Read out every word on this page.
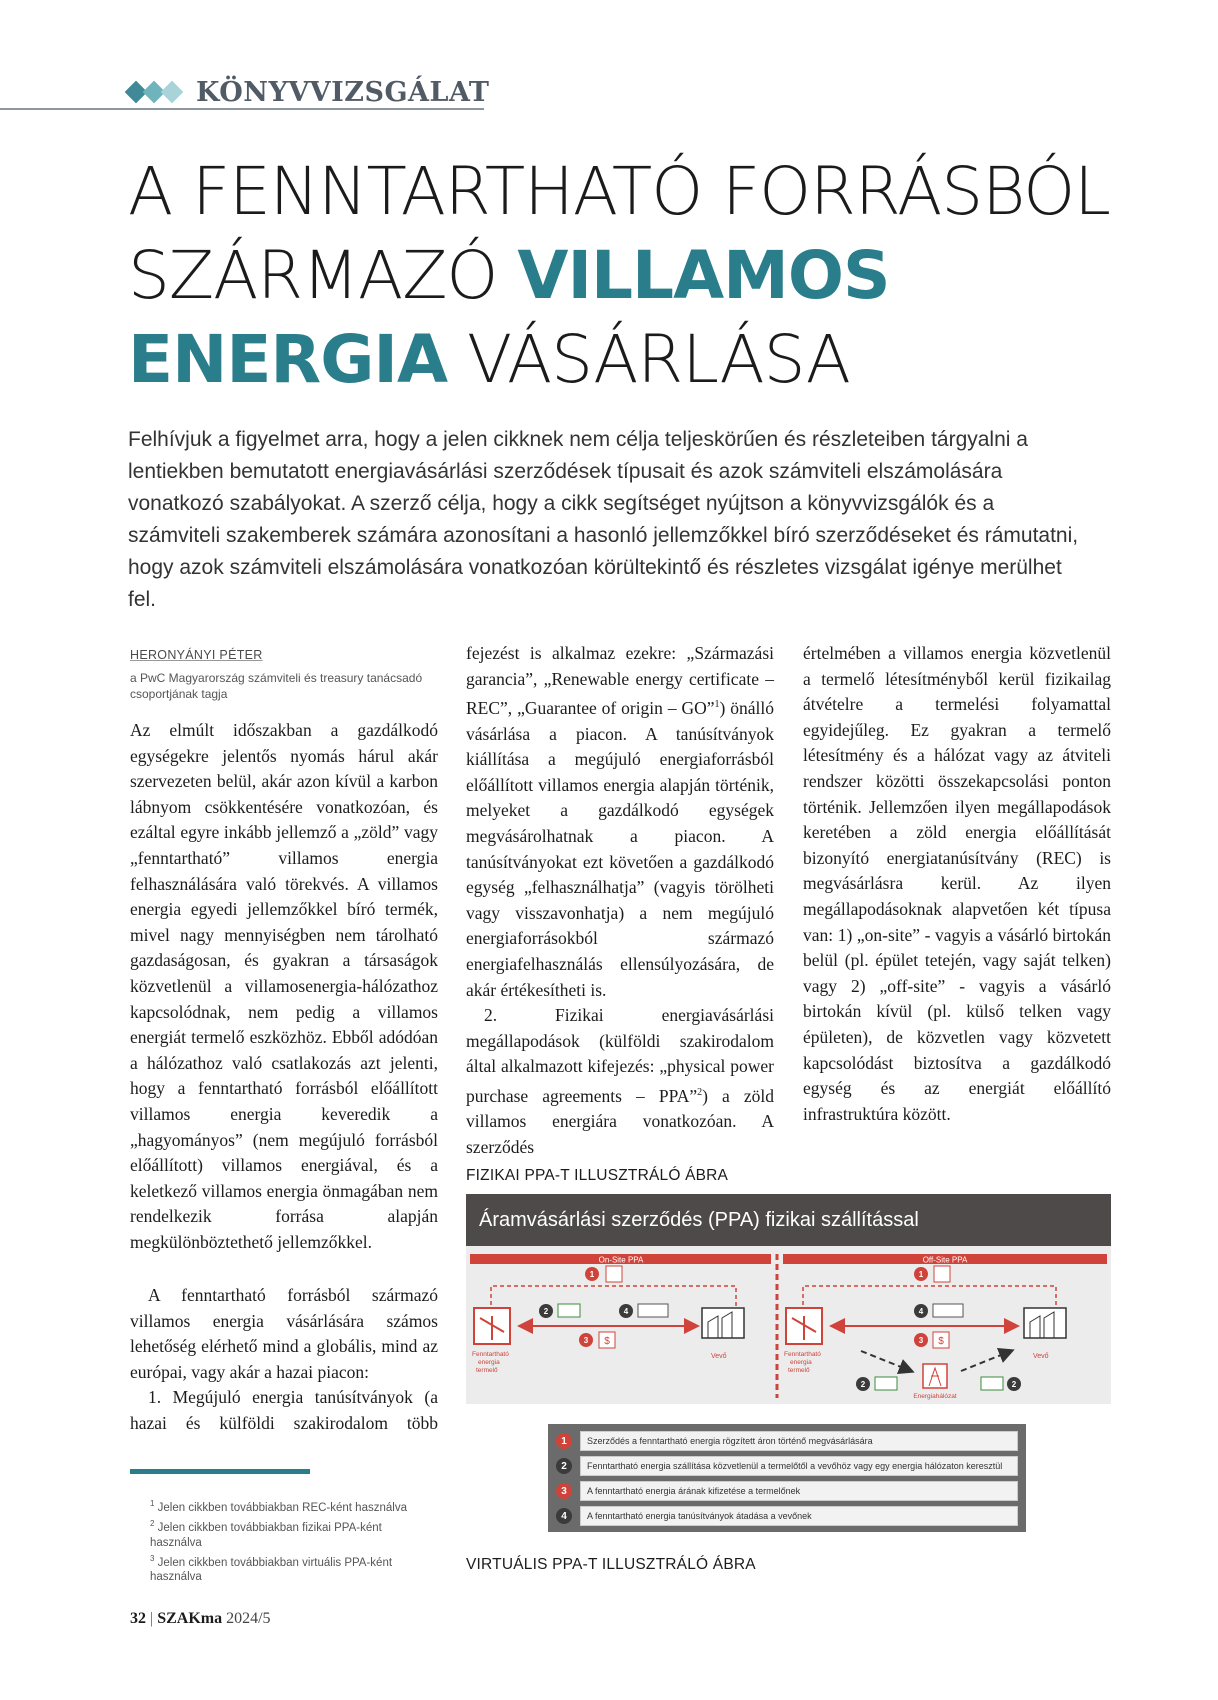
KÖNYVVIZSGÁLAT
A FENNTARTHATÓ FORRÁSBÓL
SZÁRMAZÓ VILLAMOS
ENERGIA VÁSÁRLÁSA
Felhívjuk a figyelmet arra, hogy a jelen cikknek nem célja teljeskörűen és részleteiben tárgyalni a lentiekben bemutatott energiavásárlási szerződések típusait és azok számviteli elszámolására vonatkozó szabályokat. A szerző célja, hogy a cikk segítséget nyújtson a könyvvizsgálók és a számviteli szakemberek számára azonosítani a hasonló jellemzőkkel bíró szerződéseket és rámutatni, hogy azok számviteli elszámolására vonatkozóan körültekintő és részletes vizsgálat igénye merülhet fel.
HERONYÁNYI PÉTER
a PwC Magyarország számviteli és treasury tanácsadó csoportjának tagja

Az elmúlt időszakban a gazdálkodó egységekre jelentős nyomás hárul akár szervezeten belül, akár azon kívül a karbon lábnyom csökkentésére vonatkozóan, és ezáltal egyre inkább jellemző a „zöld” vagy „fenntartható” villamos energia felhasználására való törekvés. A villamos energia egyedi jellemzőkkel bíró termék, mivel nagy mennyiségben nem tárolható gazdaságosan, és gyakran a társaságok közvetlenül a villamosenergia-hálózathoz kapcsolódnak, nem pedig a villamos energiát termelő eszközhöz. Ebből adódóan a hálózathoz való csatlakozás azt jelenti, hogy a fenntartható forrásból előállított villamos energia keveredik a „hagyományos” (nem megújuló forrásból előállított) villamos energiával, és a keletkező villamos energia önmagában nem rendelkezik forrása alapján megkülönböztethető jellemzőkkel.

A fenntartható forrásból származó villamos energia vásárlására számos lehetőség elérhető mind a globális, mind az európai, vagy akár a hazai piacon:

1. Megújuló energia tanúsítványok (a hazai és külföldi szakirodalom több

fejezést is alkalmaz ezekre: „Származási garancia”, „Renewable energy certificate – REC”, „Guarantee of origin – GO”$^1$) önálló vásárlása a piacon. A tanúsítványok kiállítása a megújuló energiaforrásból előállított villamos energia alapján történik, melyeket a gazdálkodó egységek megvásárolhatnak a piacon. A tanúsítványokat ezt követően a gazdálkodó egység „felhasználhatja” (vagyis törölheti vagy visszavonhatja) a nem megújuló energiaforrásokból származó energiafelhasználás ellensúlyozására, de akár értékesítheti is.

2. Fizikai energiavásárlási megállapodások (külföldi szakirodalom által alkalmazott kifejezés: „physical power purchase agreements – PPA”$^2$) a zöld villamos energiára vonatkozóan. A szerződés

értelmében a villamos energia közvetlenül a termelő létesítményből kerül fizikailag átvételre a termelési folyamattal egyidejűleg. Ez gyakran a termelő létesítmény és a hálózat vagy az átviteli rendszer közötti összekapcsolási ponton történik. Jellemzően ilyen megállapodások keretében a zöld energia előállítását bizonyító energiatanúsítvány (REC) is megvásárlásra kerül. Az ilyen megállapodásoknak alapvetően két típusa van: 1) „on-site” - vagyis a vásárló birtokán belül (pl. épület tetején, vagy saját telken) vagy 2) „off-site” - vagyis a vásárló birtokán kívül (pl. külső telken vagy épületen), de közvetlen vagy közvetett kapcsolódást biztosítva a gazdálkodó egység és az energiát előállító infrastruktúra között.

$^1$ Jelen cikkben továbbiakban REC-ként használva
$^2$ Jelen cikkben továbbiakban fizikai PPA-ként használva
$^3$ Jelen cikkben továbbiakban virtuális PPA-ként használva
32 | SZAKma 2024/5
FIZIKAI PPA-T ILLUSZTRÁLÓ ÁBRA
Áramvásárlási szerződés (PPA) fizikai szállítással
On-Site PPA	Off-Site PPA
1
2	4
3 $
Fenntartható
energia
termelő
Vevő
1
4
3 $
2	2
Energiahálózat
Fenntartható
energia
termelő
Vevő
1	Szerződés a fenntartható energia rögzített áron történő megvásárlására
2	Fenntartható energia szállítása közvetlenül a termelőtől a vevőhöz vagy egy energia hálózaton keresztül
3	A fenntartható energia árának kifizetése a termelőnek
4	A fenntartható energia tanúsítványok átadása a vevőnek
VIRTUÁLIS PPA-T ILLUSZTRÁLÓ ÁBRA
